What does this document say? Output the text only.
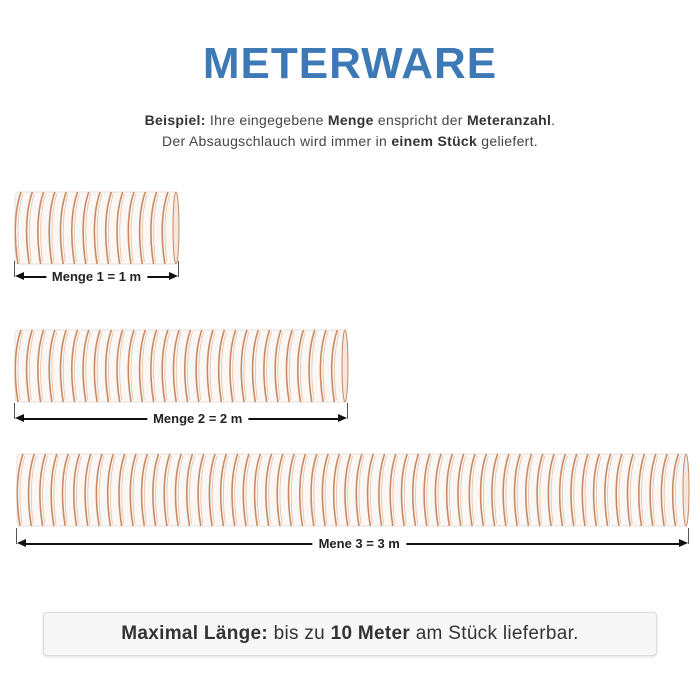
METERWARE
Beispiel: Ihre eingegebene Menge enspricht der Meteranzahl.
Der Absaugschlauch wird immer in einem Stück geliefert.
Menge 1 = 1 m
Menge 2 = 2 m
Mene 3 = 3 m
Maximal Länge: bis zu 10 Meter am Stück lieferbar.
